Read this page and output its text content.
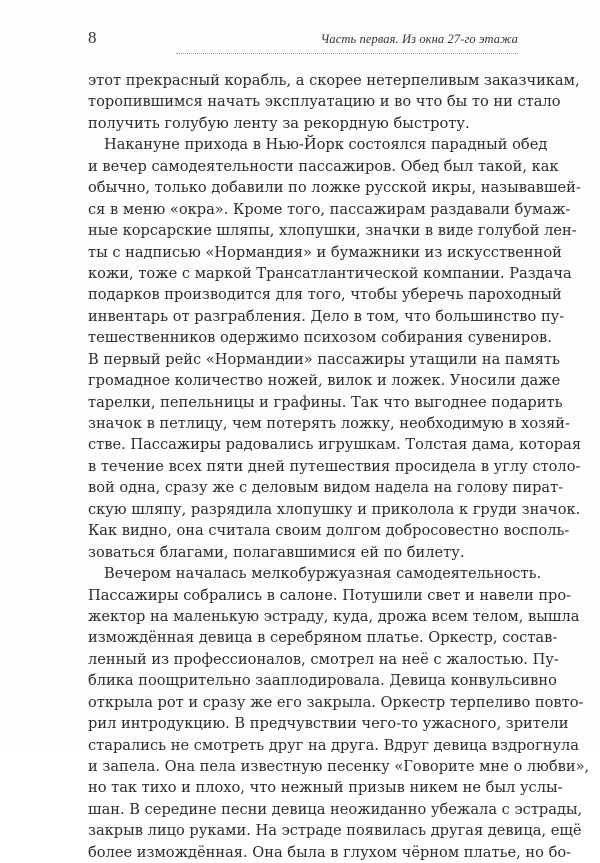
8	Часть первая. Из окна 27-го этажа
этот прекрасный корабль, а скорее нетерпеливым заказчикам,
торопившимся начать эксплуатацию и во что бы то ни стало
получить голубую ленту за рекордную быстроту.
Накануне прихода в Нью-Йорк состоялся парадный обед
и вечер самодеятельности пассажиров. Обед был такой, как
обычно, только добавили по ложке русской икры, называвшей-
ся в меню «окра». Кроме того, пассажирам раздавали бумаж-
ные корсарские шляпы, хлопушки, значки в виде голубой лен-
ты с надписью «Нормандия» и бумажники из искусственной
кожи, тоже с маркой Трансатлантической компании. Раздача
подарков производится для того, чтобы уберечь пароходный
инвентарь от разграбления. Дело в том, что большинство пу-
тешественников одержимо психозом собирания сувениров.
В первый рейс «Нормандии» пассажиры утащили на память
громадное количество ножей, вилок и ложек. Уносили даже
тарелки, пепельницы и графины. Так что выгоднее подарить
значок в петлицу, чем потерять ложку, необходимую в хозяй-
стве. Пассажиры радовались игрушкам. Толстая дама, которая
в течение всех пяти дней путешествия просидела в углу столо-
вой одна, сразу же с деловым видом надела на голову пират-
скую шляпу, разрядила хлопушку и приколола к груди значок.
Как видно, она считала своим долгом добросовестно восполь-
зоваться благами, полагавшимися ей по билету.
Вечером началась мелкобуржуазная самодеятельность.
Пассажиры собрались в салоне. Потушили свет и навели про-
жектор на маленькую эстраду, куда, дрожа всем телом, вышла
измождённая девица в серебряном платье. Оркестр, состав-
ленный из профессионалов, смотрел на неё с жалостью. Пу-
блика поощрительно зааплодировала. Девица конвульсивно
открыла рот и сразу же его закрыла. Оркестр терпеливо повто-
рил интродукцию. В предчувствии чего-то ужасного, зрители
старались не смотреть друг на друга. Вдруг девица вздрогнула
и запела. Она пела известную песенку «Говорите мне о любви»,
но так тихо и плохо, что нежный призыв никем не был услы-
шан. В середине песни девица неожиданно убежала с эстрады,
закрыв лицо руками. На эстраде появилась другая девица, ещё
более измождённая. Она была в глухом чёрном платье, но бо-
